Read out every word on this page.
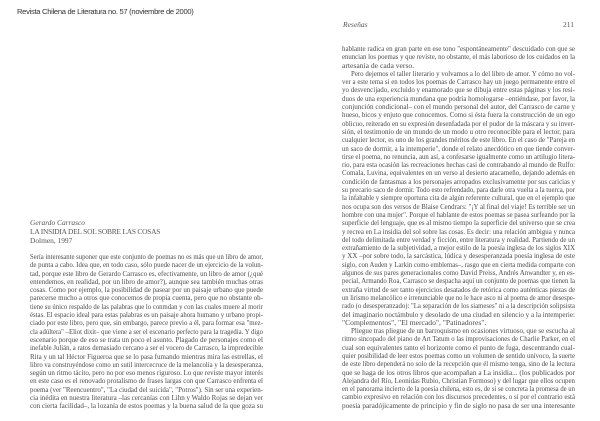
Revista Chilena de Literatura no. 57 (noviembre de 2000)
Reseñas	211
Gerardo Carrasco
LA INSIDIA DEL SOL SOBRE LAS COSAS
Dolmen, 1997
Sería interesante suponer que este conjunto de poemas no es más que un libro de amor,
de punta a cabo. Idea que, en todo caso, sólo puede nacer de un ejercicio de la volun-
tad, porque este libro de Gerardo Carrasco es, efectivamente, un libro de amor (¿qué
entendemos, en realidad, por un libro de amor?), aunque sea también muchas otras
cosas. Como por ejemplo, la posibilidad de pasear por un paisaje urbano que puede
parecerse mucho a otros que conocemos de propia cuenta, pero que no obstante ob-
tiene su único respaldo de las palabras que lo conmdan y con las cuales muere al morir
éstas. El espacio ideal para estas palabras es un paisaje ahora humano y urbano propi-
ciado por este libro, pero que, sin embargo, parece previo a él, para formar esa "mez-
cla adúltera" –Eliot dixit– que viene a ser el escenario perfecto para la tragedia. Y digo
escenario porque de eso se trata un poco el asunto. Plagado de personajes como el
inefable Julián, a ratos demasiado cercano a ser el vocero de Carrasco, la impredecible
Rita y un tal Héctor Figueroa que se lo pasa fumando mientras mira las estrellas, el
libro va construyéndose como un sutil intercecruce de la melancolía y la desesperanza,
según un ritmo tácito, pero no por eso menos riguroso. Lo que reviste mayor interés
en este caso es el renovado protalismo de frases largas con que Carrasco enfrenta el
poema (ver "Reencuentro", "La ciudad del suicida", "Potros"). Sin ser una experien-
cia inédita en nuestra literatura –las cercanías con Lihn y Waldo Rojas se dejan ver
con cierta facilidad–, la lozanía de estos poemas y la buena salud de la que goza su
hablante radica en gran parte en ese tono "espontáneamente" descuidado con que se
enuncian los poemas y que reviste, no obstante, el más laborioso de los cuidados en la
artesanía de cada verso.
Pero dejemos el taller literario y volvamos a lo del libro de amor. Y cómo no vol-
ver a este tema si en todos los poemas de Carrasco hay un juego permanente entre el
yo desvencijado, excluido y enamorado que se dibuja entre estas páginas y los resi-
duos de una experiencia mundana que podría homologarse –entiéndase, por favor, la
conjunción condicional– con el mundo personal del autor, del Carrasco de carne y
hueso, bicos y enjuto que conocemos. Como si ésta fuera la construcción de un ego
oblicuo, reiterado en su expresión desenfadada por el pudor de la máscara y su inver-
sión, el testimonio de un mundo de un modo u otro reconocible para el lector, para
cualquier lector, es uno de los grandes méritos de este libro. En el caso de "Pareja en
un saco de dormir, a la intemperie", donde el relato anecdótico en que tiende conver-
tirse el poema, no renuncia, aun así, a confesarse igualmente como un artilugio litera-
rio, para esta ocasión las recreaciones hechas casi de contrabando al mundo de Rulfo:
Comala, Luvina, equivalentes en un verso al desierto atacameño, dejando además en
condición de fantasmas a los personajes arropados exclusivamente por sus caricias y
su precario saco de dormir. Todo esto refrendado, para darle otra vuelta a la tuerca, por
la infaltable y siempre oportuna cita de algún referente cultural, que en el ejemplo que
nos ocupa son dos versos de Blaise Cendrars: "¡Y al final del viaje! Es terrible ser un
hombre con una mujer". Porque el hablante de estos poemas se pasea surfeando por la
superficie del lenguaje, que es al mismo tiempo la superficie del universo que se crea
y recrea en La insidia del sol sobre las cosas. Es decir: una relación ambigua y nunca
del todo delimitada entre verdad y ficción, entre literatura y realidad. Partiendo de un
extrañamiento de la subjetividad, a mejor estilo de la poesía inglesa de los siglos XIX
y XX –por sobre todo, la sarcástica, lúdica y desesperanzada poesía inglesa de este
siglo, con Auden y Larkin como emblemas–, rasgo que en cierta medida comparte con
algunos de sus pares generacionales como David Preiss, Andrés Anwandter y, en es-
pecial, Armando Roa, Carrasco se despacha aquí un conjunto de poemas que tienen la
extraña virtud de ser tanto ejercicios desatados de retórica como auténticas piezas de
un lirismo melancólico e irrenunciable que no le hace asco ni al poema de amor desespe-
rado (o desesperanzado): "La separación de los siameses" ni a la descripción solipsista
del imaginario noctámbulo y desolado de una ciudad en silencio y a la intemperie:
"Complementos", "El mercado", "Patinadores".
Pliegue tras pliegue de un barroquismo en ocasiones virtuoso, que se escucha al
ritmo sincopado del piano de Art Tatum o las improvisaciones de Charlie Parker, en el
cual son equivalentes tanto el horizonte como el punto de fuga, descentrando cual-
quier posibilidad de leer estos poemas como un volumen de sentido unívoco, la suerte
de este libro dependerá no solo de la recepción que él mismo tenga, sino de la lectura
que se haga de los otros libros que acompañan a La insidia... (los publicados por
Alejandra del Río, Leonidas Rubio, Christian Formoso) y del lugar que ellos ocupen
en el panorama incierto de la poesía chilena, esto es, de si se concreta la promesa de un
cambio expresivo en relación con los discursos precedentes, o si por el contrario está
poesía paradójicamente de principio y fin de siglo no pasa de ser una interesante
